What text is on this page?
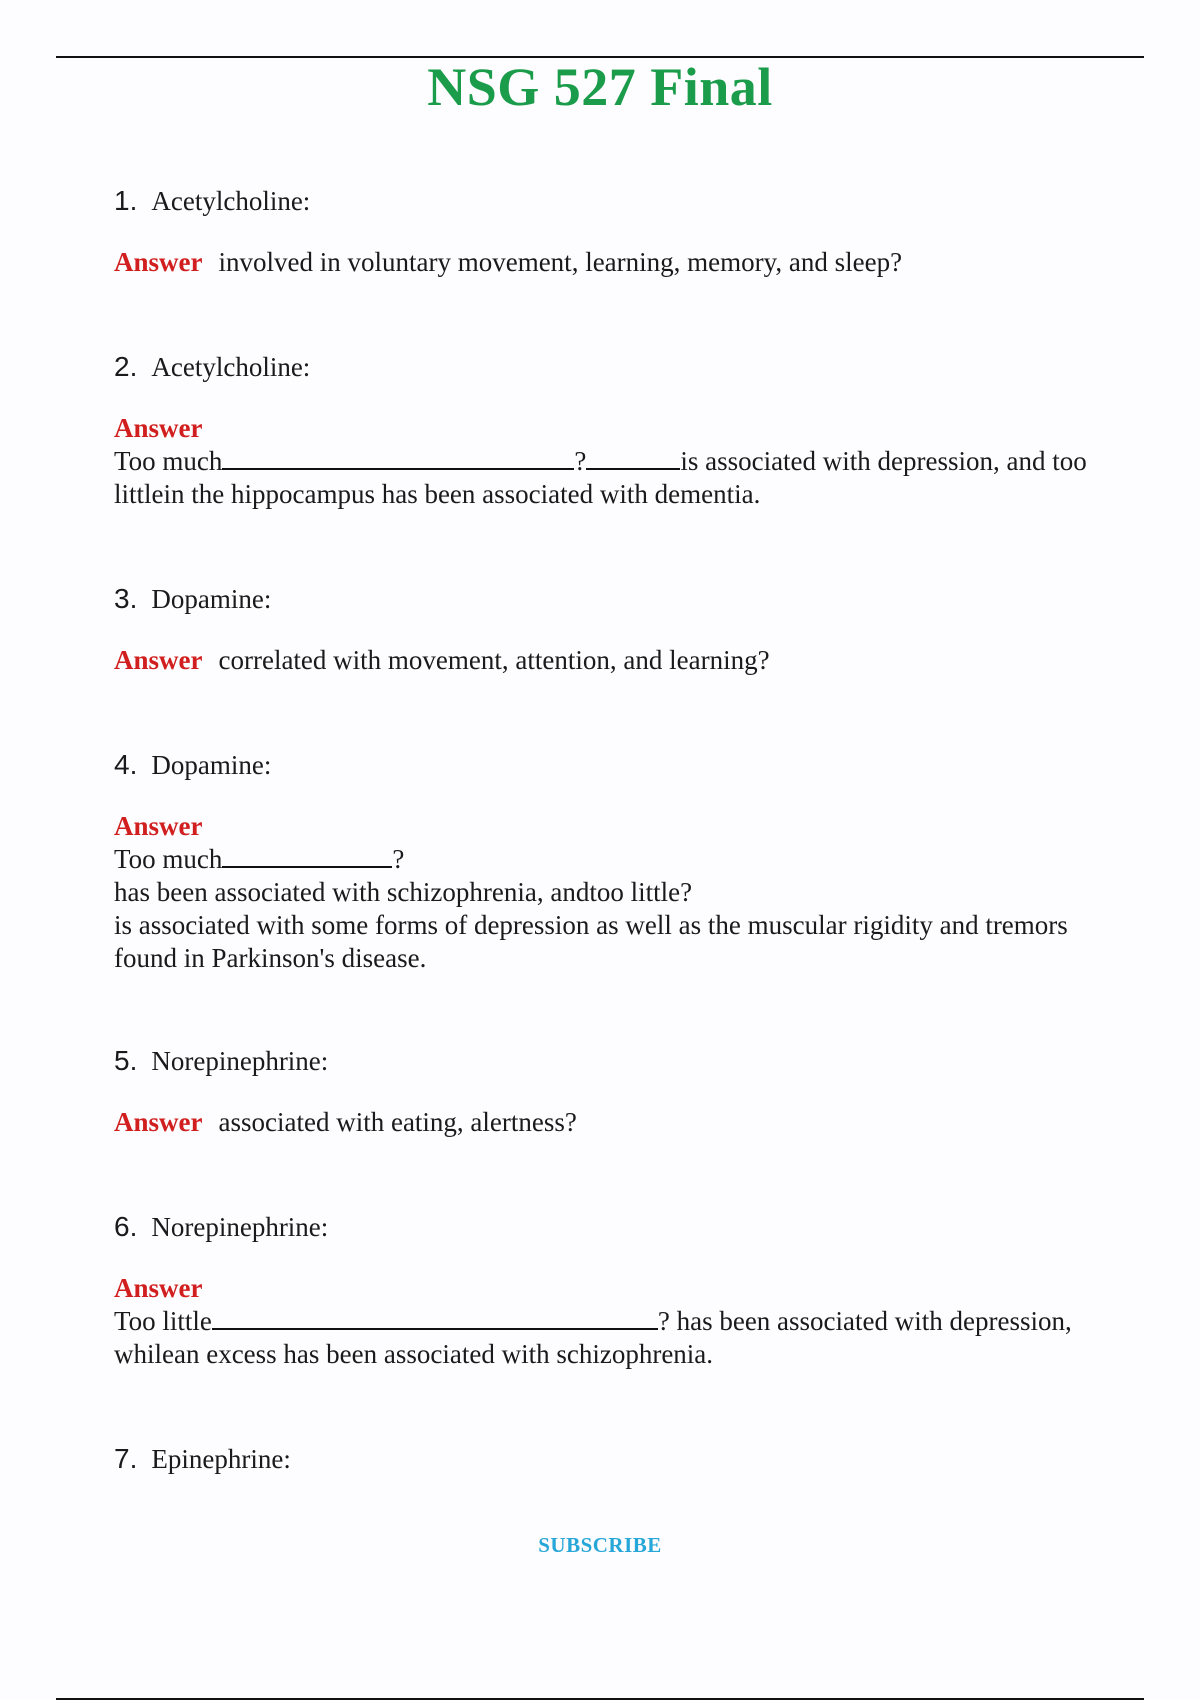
NSG 527 Final
1. Acetylcholine:
Answer involved in voluntary movement, learning, memory, and sleep?
2. Acetylcholine:
Answer
Too much	?	is associated with depression, and too
littlein the hippocampus has been associated with dementia.
3. Dopamine:
Answer correlated with movement, attention, and learning?
4. Dopamine:
Answer
Too much	?
has been associated with schizophrenia, andtoo little?
is associated with some forms of depression as well as the muscular rigidity and tremors
found in Parkinson's disease.
5. Norepinephrine:
Answer associated with eating, alertness?
6. Norepinephrine:
Answer
Too little	? has been associated with depression,
whilean excess has been associated with schizophrenia.
7. Epinephrine:
SUBSCRIBE
